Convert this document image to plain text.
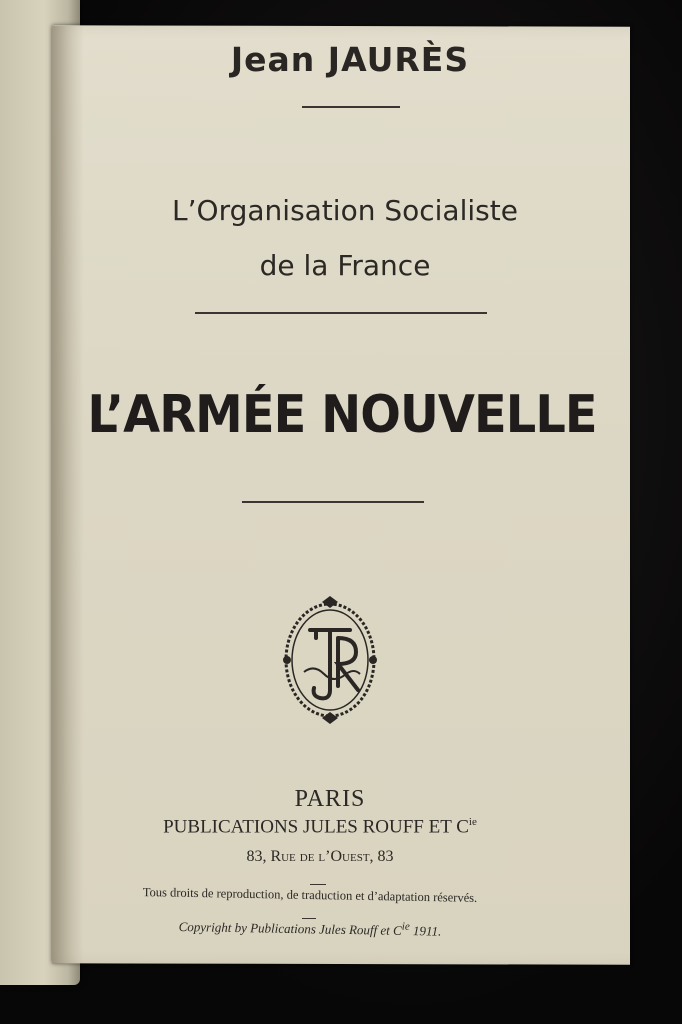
Jean JAURÈS
L’Organisation Socialiste
de la France
L’ARMÉE NOUVELLE
PARIS
PUBLICATIONS JULES ROUFF ET $C^{ie}$
83, Rue de l’Ouest, 83
Tous droits de reproduction, de traduction et d’adaptation réservés.
Copyright by Publications Jules Rouff et $C^{ie}$ 1911.
